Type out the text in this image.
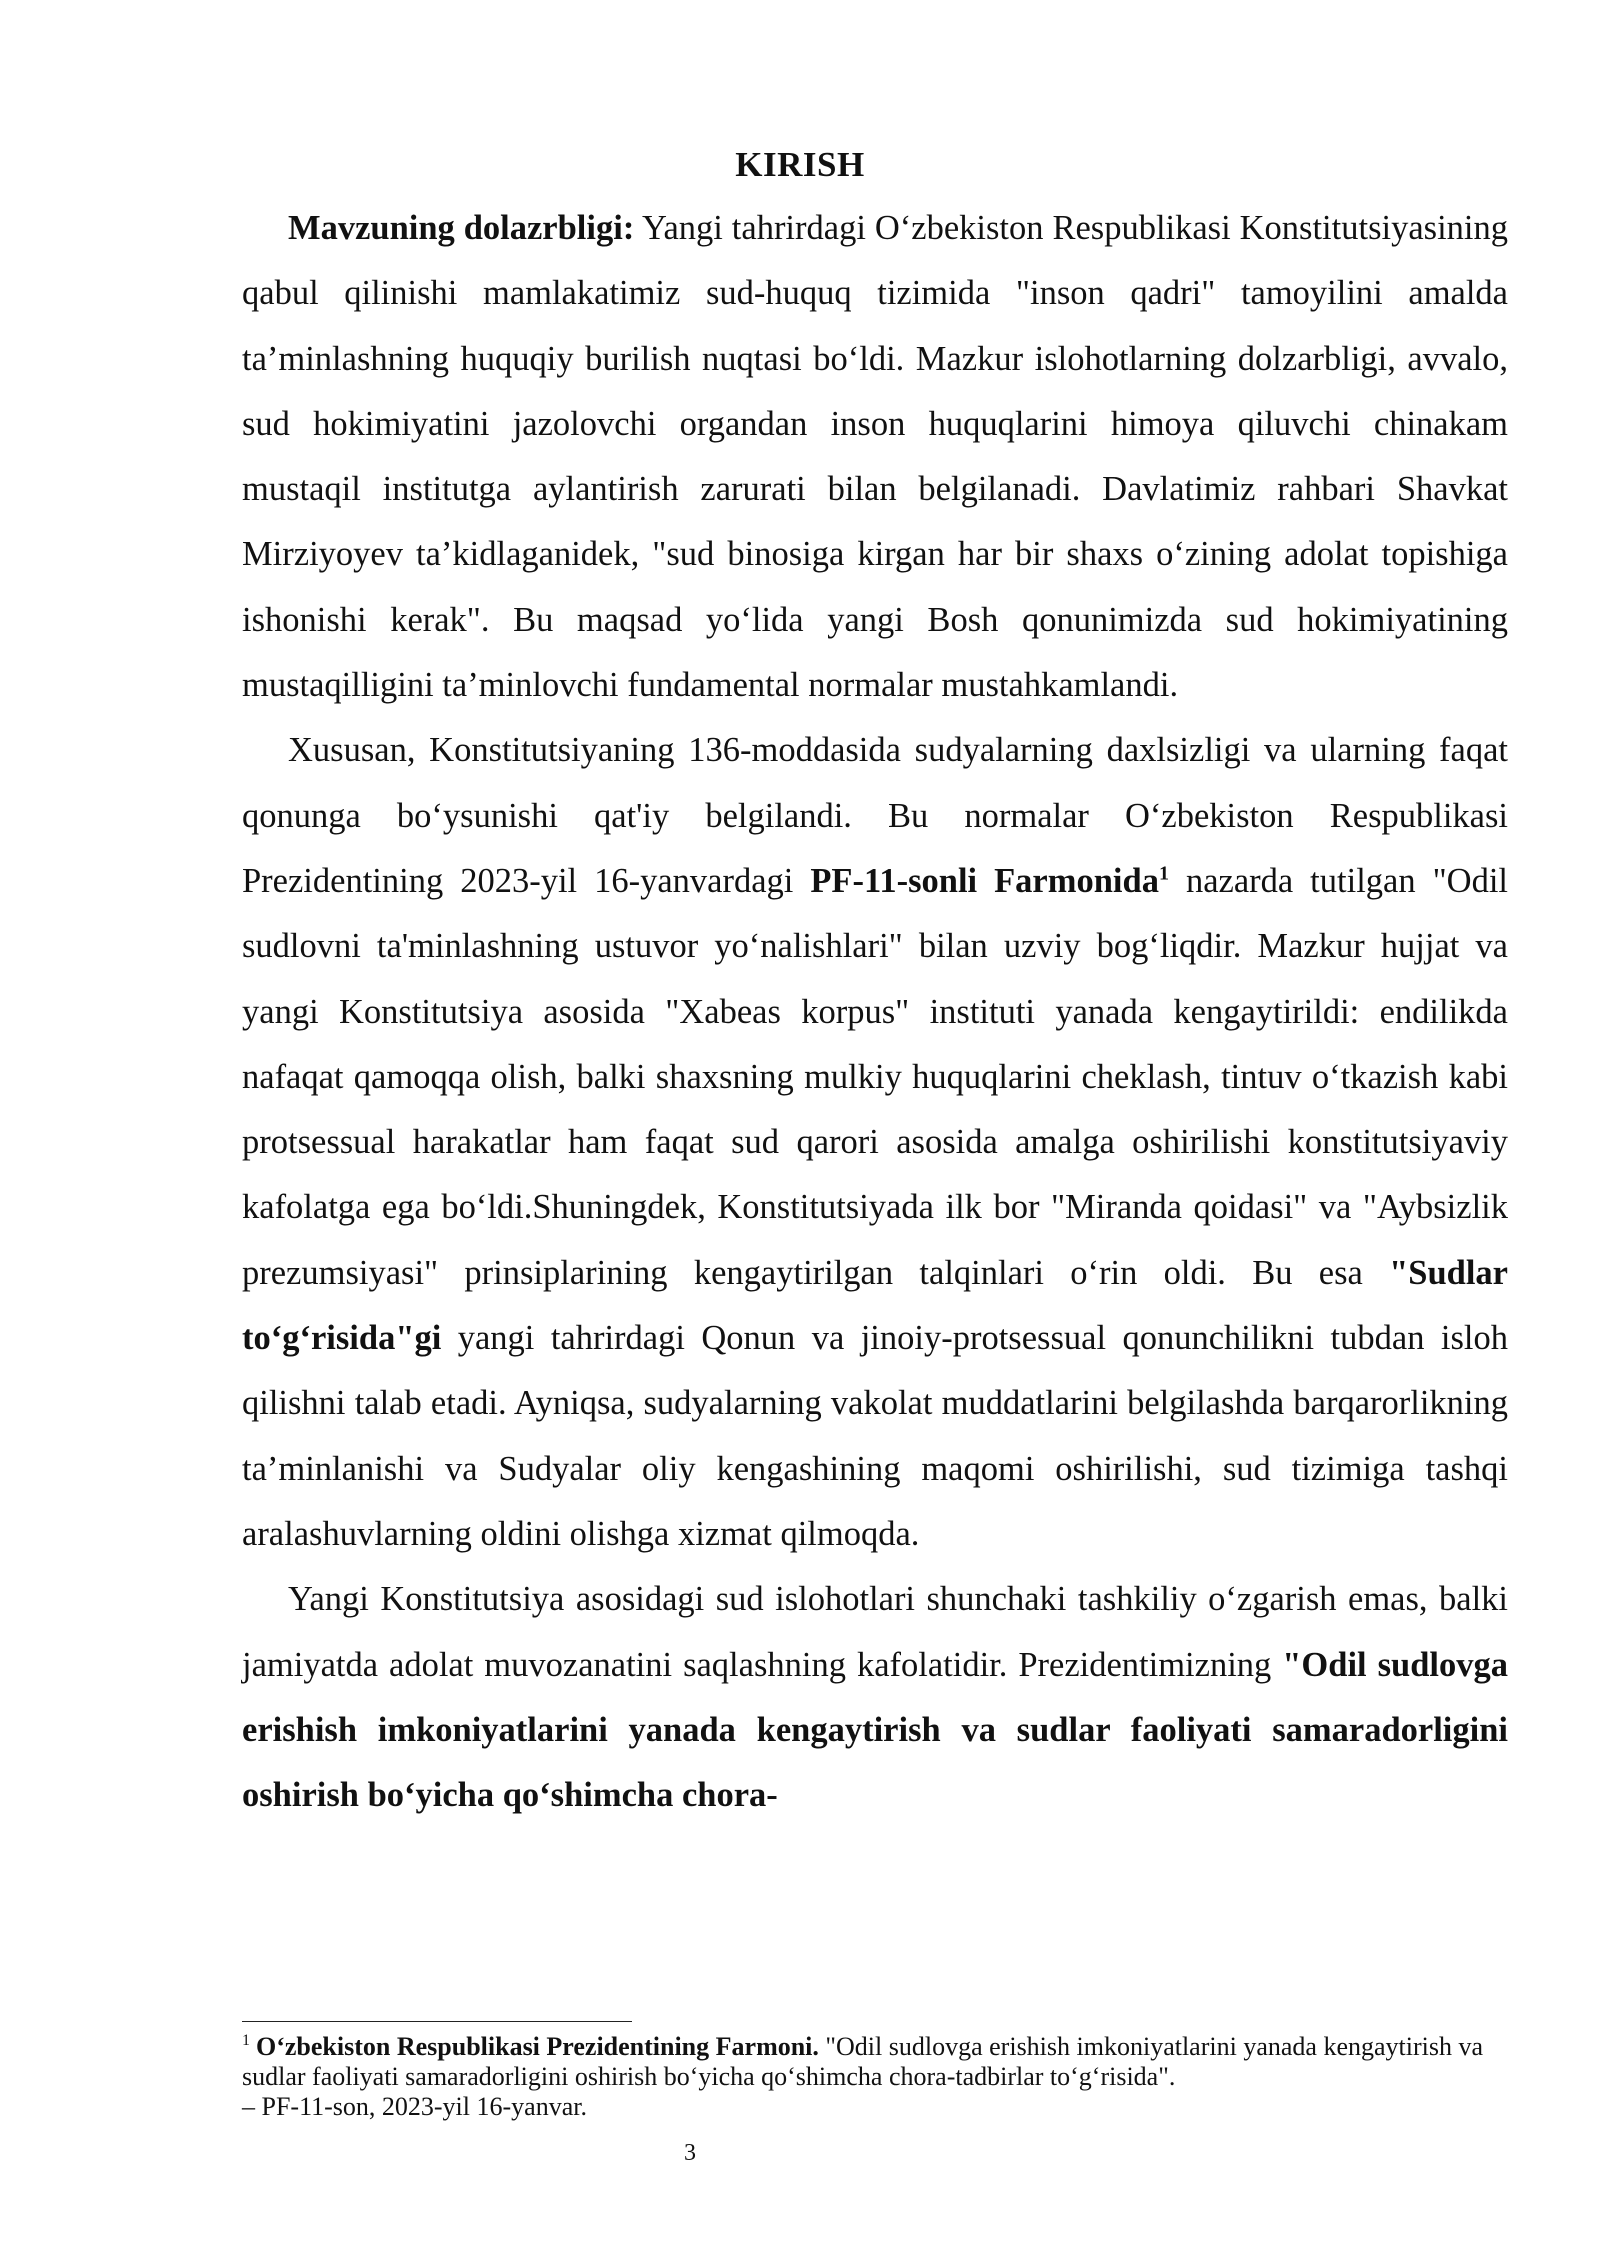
KIRISH

Mavzuning dolazrbligi: Yangi tahrirdagi O‘zbekiston Respublikasi Konstitutsiyasining qabul qilinishi mamlakatimiz sud-huquq tizimida "inson qadri" tamoyilini amalda ta’minlashning huquqiy burilish nuqtasi bo‘ldi. Mazkur islohotlarning dolzarbligi, avvalo, sud hokimiyatini jazolovchi organdan inson huquqlarini himoya qiluvchi chinakam mustaqil institutga aylantirish zarurati bilan belgilanadi. Davlatimiz rahbari Shavkat Mirziyoyev ta’kidlaganidek, "sud binosiga kirgan har bir shaxs o‘zining adolat topishiga ishonishi kerak". Bu maqsad yo‘lida yangi Bosh qonunimizda sud hokimiyatining mustaqilligini ta’minlovchi fundamental normalar mustahkamlandi.

Xususan, Konstitutsiyaning 136-moddasida sudyalarning daxlsizligi va ularning faqat qonunga bo‘ysunishi qat'iy belgilandi. Bu normalar O‘zbekiston Respublikasi Prezidentining 2023-yil 16-yanvardagi PF-11-sonli Farmonida$^1$ nazarda tutilgan "Odil sudlovni ta'minlashning ustuvor yo‘nalishlari" bilan uzviy bog‘liqdir. Mazkur hujjat va yangi Konstitutsiya asosida "Xabeas korpus" instituti yanada kengaytirildi: endilikda nafaqat qamoqqa olish, balki shaxsning mulkiy huquqlarini cheklash, tintuv o‘tkazish kabi protsessual harakatlar ham faqat sud qarori asosida amalga oshirilishi konstitutsiyaviy kafolatga ega bo‘ldi.Shuningdek, Konstitutsiyada ilk bor "Miranda qoidasi" va "Aybsizlik prezumsiyasi" prinsiplarining kengaytirilgan talqinlari o‘rin oldi. Bu esa "Sudlar to‘g‘risida"gi yangi tahrirdagi Qonun va jinoiy-protsessual qonunchilikni tubdan isloh qilishni talab etadi. Ayniqsa, sudyalarning vakolat muddatlarini belgilashda barqarorlikning ta’minlanishi va Sudyalar oliy kengashining maqomi oshirilishi, sud tizimiga tashqi aralashuvlarning oldini olishga xizmat qilmoqda.

Yangi Konstitutsiya asosidagi sud islohotlari shunchaki tashkiliy o‘zgarish emas, balki jamiyatda adolat muvozanatini saqlashning kafolatidir. Prezidentimizning "Odil sudlovga erishish imkoniyatlarini yanada kengaytirish va sudlar faoliyati samaradorligini oshirish bo‘yicha qo‘shimcha chora-

$^1$ O‘zbekiston Respublikasi Prezidentining Farmoni. "Odil sudlovga erishish imkoniyatlarini yanada kengaytirish va sudlar faoliyati samaradorligini oshirish bo‘yicha qo‘shimcha chora-tadbirlar to‘g‘risida".
– PF-11-son, 2023-yil 16-yanvar.
3
